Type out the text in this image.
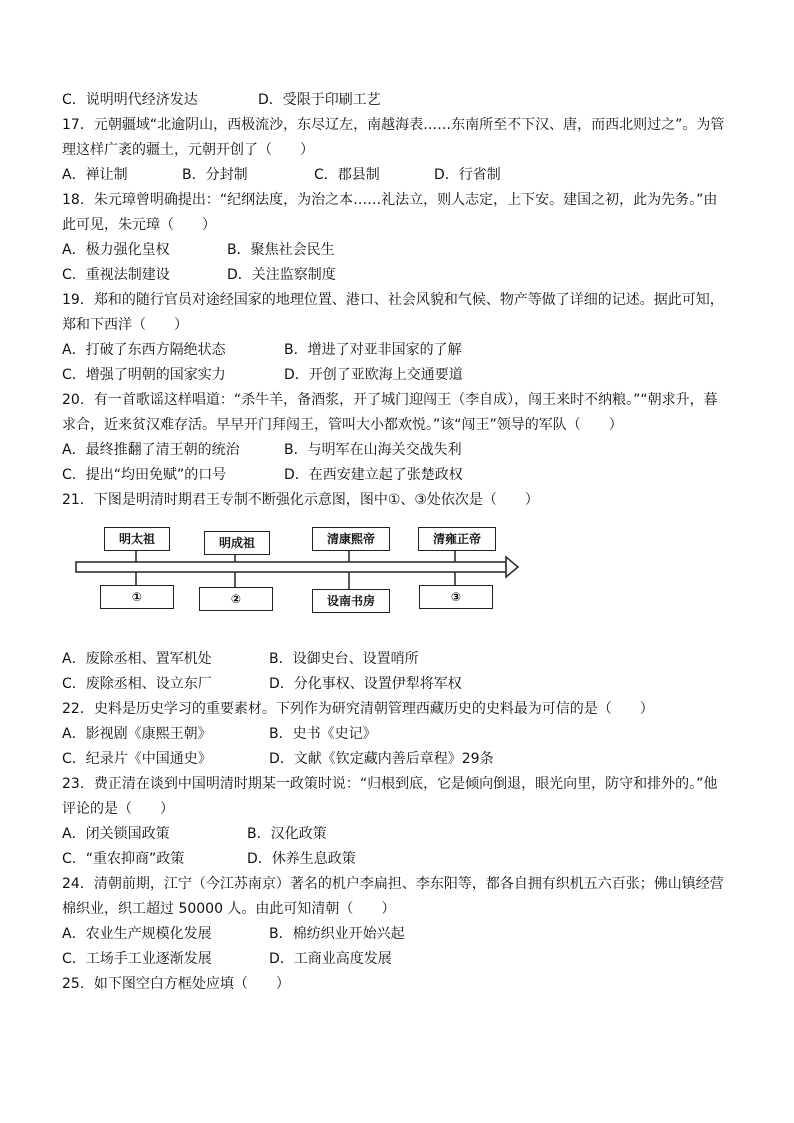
C．说明明代经济发达	D．受限于印刷工艺
17．元朝疆域“北逾阴山，西极流沙，东尽辽左，南越海表……东南所至不下汉、唐，而西北则过之”。为管
理这样广袤的疆土，元朝开创了（　　）
A．禅让制	B．分封制	C．郡县制	D．行省制
18．朱元璋曾明确提出：“纪纲法度，为治之本……礼法立，则人志定，上下安。建国之初，此为先务。”由
此可见，朱元璋（　　）
A．极力强化皇权	B．聚焦社会民生
C．重视法制建设	D．关注监察制度
19．郑和的随行官员对途经国家的地理位置、港口、社会风貌和气候、物产等做了详细的记述。据此可知，
郑和下西洋（　　）
A．打破了东西方隔绝状态	B．增进了对亚非国家的了解
C．增强了明朝的国家实力	D．开创了亚欧海上交通要道
20．有一首歌谣这样唱道：“杀牛羊，备酒浆，开了城门迎闯王（李自成），闯王来时不纳粮。”“朝求升，暮
求合，近来贫汉难存活。早早开门拜闯王，管叫大小都欢悦。”该“闯王”领导的军队（　　）
A．最终推翻了清王朝的统治	B．与明军在山海关交战失利
C．提出“均田免赋”的口号	D．在西安建立起了张楚政权
21．下图是明清时期君王专制不断强化示意图，图中①、③处依次是（　　）
明太祖	明成祖	清康熙帝	清雍正帝
①	②	设南书房	③
A．废除丞相、置军机处	B．设御史台、设置哨所
C．废除丞相、设立东厂	D．分化事权、设置伊犁将军权
22．史料是历史学习的重要素材。下列作为研究清朝管理西藏历史的史料最为可信的是（　　）
A．影视剧《康熙王朝》	B．史书《史记》
C．纪录片《中国通史》	D．文献《钦定藏内善后章程》29条
23．费正清在谈到中国明清时期某一政策时说：“归根到底，它是倾向倒退，眼光向里，防守和排外的。”他
评论的是（　　）
A．闭关锁国政策	B．汉化政策
C．“重农抑商”政策	D．休养生息政策
24．清朝前期，江宁（今江苏南京）著名的机户李扁担、李东阳等，都各自拥有织机五六百张；佛山镇经营
棉织业，织工超过 50000 人。由此可知清朝（　　）
A．农业生产规模化发展	B．棉纺织业开始兴起
C．工场手工业逐渐发展	D．工商业高度发展
25．如下图空白方框处应填（　　）
